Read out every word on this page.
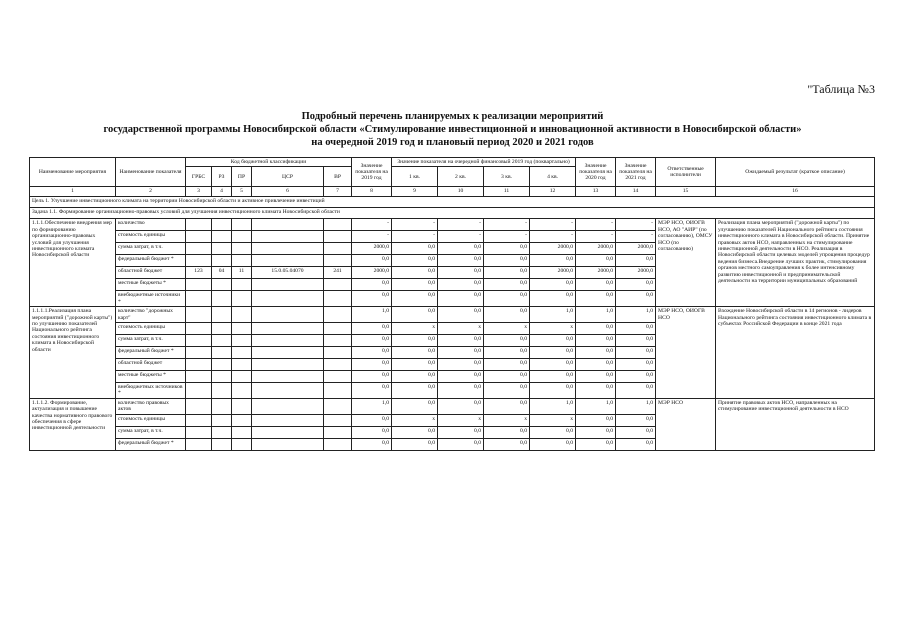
"Таблица №3
Подробный перечень планируемых к реализации мероприятий
государственной программы Новосибирской области «Стимулирование инвестиционной и инновационной активности в Новосибирской области»
на очередной 2019 год и плановый период 2020 и 2021 годов
Наименование мероприятия	Наименование показателя	Код бюджетной классификации					Значение показателя на 2019 год	Значение показателя на очередной финансовый 2019 год (поквартально)				Значение показателя на 2020 год	Значение показателя на 2021 год	Ответственные исполнители	Ожидаемый результат (краткое описание)
		ГРБС	РЗ	ПР	ЦСР	ВР		1 кв.	2 кв.	3 кв.	4 кв.				
1	2	3	4	5	6	7	8	9	10	11	12	13	14	15	16
Цель 1. Улучшение инвестиционного климата на территории Новосибирской области и активное привлечение инвестиций															
Задача 1.1. Формирование организационно-правовых условий для улучшения инвестиционного климата Новосибирской области															
1.1.1.Обеспечение внедрения мер по формированию организационно-правовых условий для улучшения инвестиционного климата Новосибирской области	количество						-	-	-	-	-	-	-	МЭР НСО, ОИОГВ НСО, АО "АИР" (по согласованию), ОМСУ НСО (по согласованию)	Реализация плана мероприятий ("дорожной карты") по улучшению показателей Национального рейтинга состояния инвестиционного климата в Новосибирской области. Принятие правовых актов НСО, направленных на стимулирование инвестиционной деятельности в НСО. Реализация в Новосибирской области целевых моделей упрощения процедур ведения бизнеса.Внедрение лучших практик, стимулирования органов местного самоуправления к более интенсивному развитию инвестиционной и предпринимательской деятельности на территории муниципальных образований
	стоимость единицы						-	-	-	-	-	-	-		
	сумма затрат, в т.ч.						2000,0	0,0	0,0	0,0	2000,0	2000,0	2000,0		
	федеральный бюджет *						0,0	0,0	0,0	0,0	0,0	0,0	0,0		
	областной бюджет	123	04	11	15.0.05.04070	241	2000,0	0,0	0,0	0,0	2000,0	2000,0	2000,0		
	местные бюджеты *						0,0	0,0	0,0	0,0	0,0	0,0	0,0		
	внебюджетные источники *						0,0	0,0	0,0	0,0	0,0	0,0	0,0		
1.1.1.1.Реализация плана мероприятий ("дорожной карты") по улучшению показателей Национального рейтинга состояния инвестиционного климата в Новосибирской области	количество "дорожных карт"						1,0	0,0	0,0	0,0	1,0	1,0	1,0	МЭР НСО, ОИОГВ НСО	Вхождение Новосибирской области в 14 регионов - лидеров Национального рейтинга состояния инвестиционного климата в субъектах Российской Федерации в конце 2021 года
	стоимость единицы						0,0	x	x	x	x	0,0	0,0		
	сумма затрат, в т.ч.						0,0	0,0	0,0	0,0	0,0	0,0	0,0		
	федеральный бюджет *						0,0	0,0	0,0	0,0	0,0	0,0	0,0		
	областной бюджет						0,0	0,0	0,0	0,0	0,0	0,0	0,0		
	местные бюджеты *						0,0	0,0	0,0	0,0	0,0	0,0	0,0		
	внебюджетных источников *						0,0	0,0	0,0	0,0	0,0	0,0	0,0		
1.1.1.2. Формирование, актуализация и повышение качества нормативного правового обеспечения в сфере инвестиционной деятельности	количество правовых актов						1,0	0,0	0,0	0,0	1,0	1,0	1,0	МЭР НСО	Принятие правовых актов НСО, направленных на стимулирование инвестиционной деятельности в НСО
	стоимость единицы						0,0	x	x	x	x	0,0	0,0		
	сумма затрат, в т.ч.						0,0	0,0	0,0	0,0	0,0	0,0	0,0		
	федеральный бюджет *						0,0	0,0	0,0	0,0	0,0	0,0	0,0		
